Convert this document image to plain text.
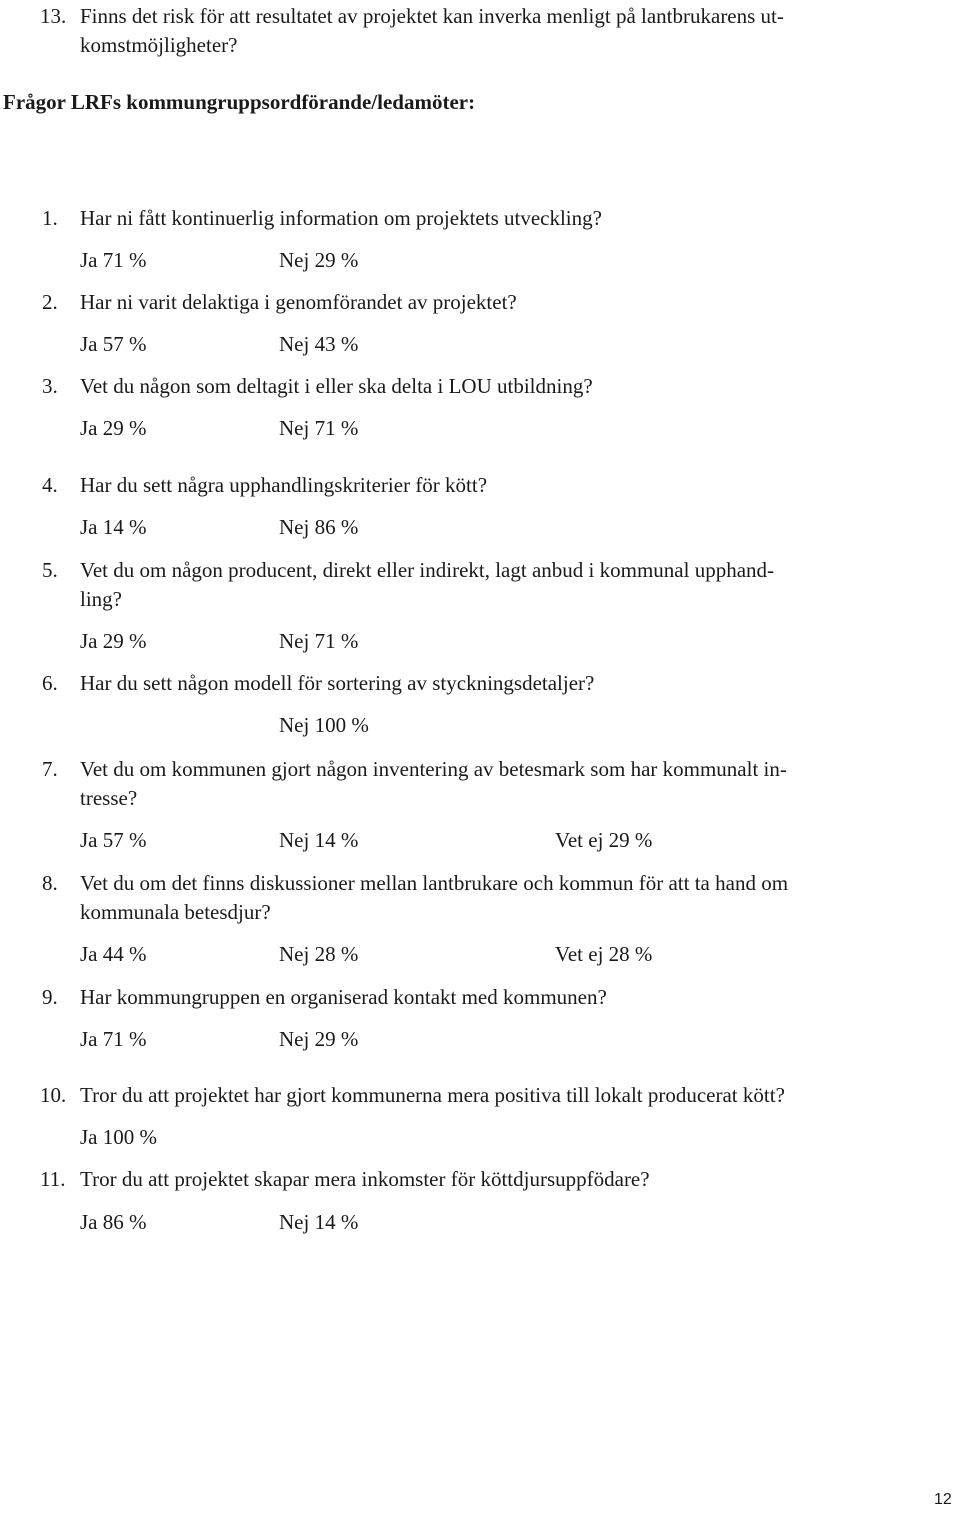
13. Finns det risk för att resultatet av projektet kan inverka menligt på lantbrukarens ut-
komstmöjligheter?
Frågor LRFs kommungruppsordförande/ledamöter:
1. Har ni fått kontinuerlig information om projektets utveckling?
Ja 71 %	Nej 29 %
2. Har ni varit delaktiga i genomförandet av projektet?
Ja 57 %	Nej 43 %
3. Vet du någon som deltagit i eller ska delta i LOU utbildning?
Ja 29 %	Nej 71 %
4. Har du sett några upphandlingskriterier för kött?
Ja 14 %	Nej 86 %
5. Vet du om någon producent, direkt eller indirekt, lagt anbud i kommunal upphand-
ling?
Ja 29 %	Nej 71 %
6. Har du sett någon modell för sortering av styckningsdetaljer?
Nej 100 %
7. Vet du om kommunen gjort någon inventering av betesmark som har kommunalt in-
tresse?
Ja 57 %	Nej 14 %	Vet ej 29 %
8. Vet du om det finns diskussioner mellan lantbrukare och kommun för att ta hand om
kommunala betesdjur?
Ja 44 %	Nej 28 %	Vet ej 28 %
9. Har kommungruppen en organiserad kontakt med kommunen?
Ja 71 %	Nej 29 %
10. Tror du att projektet har gjort kommunerna mera positiva till lokalt producerat kött?
Ja 100 %
11. Tror du att projektet skapar mera inkomster för köttdjursuppfödare?
Ja 86 %	Nej 14 %
12
